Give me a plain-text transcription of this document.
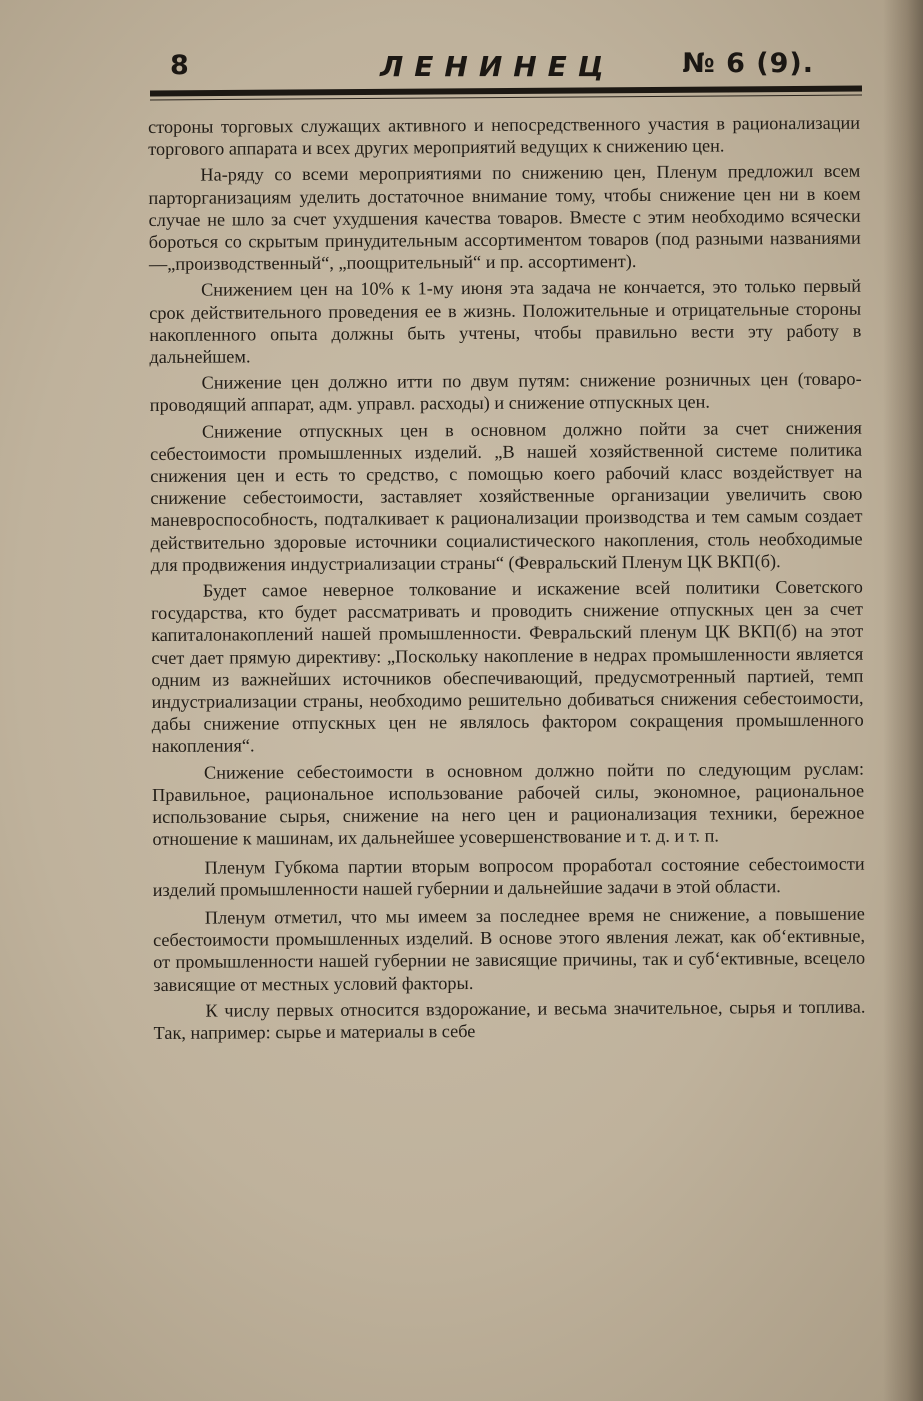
8	ЛЕНИНЕЦ № 6 (9).

стороны торговых служащих активного и непосредственного участия в рационализации торгового аппарата и всех других мероприятий ведущих к снижению цен.

На-ряду со всеми мероприятиями по снижению цен, Пленум предложил всем парторганизациям уделить достаточное внимание тому, чтобы снижение цен ни в коем случае не шло за счет ухудшения качества товаров. Вместе с этим необходимо всячески бороться со скрытым принудительным ассортиментом товаров (под разными названиями—„производственный“, „поощрительный“ и пр. ассортимент).

Снижением цен на 10% к 1-му июня эта задача не кончается, это только первый срок действительного проведения ее в жизнь. Положительные и отрицательные стороны накопленного опыта должны быть учтены, чтобы правильно вести эту работу в дальнейшем.

Снижение цен должно итти по двум путям: снижение розничных цен (товаро-проводящий аппарат, адм. управл. расходы) и снижение отпускных цен.

Снижение отпускных цен в основном должно пойти за счет снижения себестоимости промышленных изделий. „В нашей хозяйственной системе политика снижения цен и есть то средство, с помощью коего рабочий класс воздействует на снижение себестоимости, заставляет хозяйственные организации увеличить свою маневроспособность, подталкивает к рационализации производства и тем самым создает действительно здоровые источники социалистического накопления, столь необходимые для продвижения индустриализации страны“ (Февральский Пленум ЦК ВКП(б).

Будет самое неверное толкование и искажение всей политики Советского государства, кто будет рассматривать и проводить снижение отпускных цен за счет капиталонакоплений нашей промышленности. Февральский пленум ЦК ВКП(б) на этот счет дает прямую директиву: „Поскольку накопление в недрах промышленности является одним из важнейших источников обеспечивающий, предусмотренный партией, темп индустриализации страны, необходимо решительно добиваться снижения себестоимости, дабы снижение отпускных цен не являлось фактором сокращения промышленного накопления“.

Снижение себестоимости в основном должно пойти по следующим руслам: Правильное, рациональное использование рабочей силы, экономное, рациональное использование сырья, снижение на него цен и рационализация техники, бережное отношение к машинам, их дальнейшее усовершенствование и т. д. и т. п.

Пленум Губкома партии вторым вопросом проработал состояние себестоимости изделий промышленности нашей губернии и дальнейшие задачи в этой области.

Пленум отметил, что мы имеем за последнее время не снижение, а повышение себестоимости промышленных изделий. В основе этого явления лежат, как об‘ективные, от промышленности нашей губернии не зависящие причины, так и суб‘ективные, всецело зависящие от местных условий факторы.

К числу первых относится вздорожание, и весьма значительное, сырья и топлива. Так, например: сырье и материалы в себе
